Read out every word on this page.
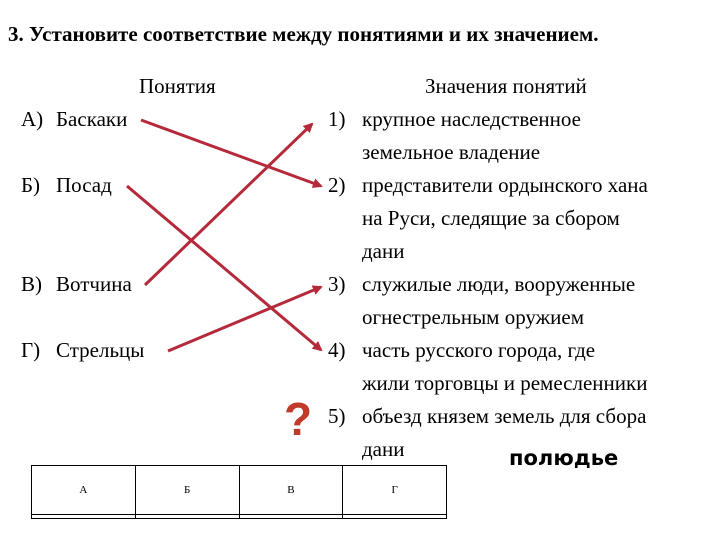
3. Установите соответствие между понятиями и их значением.
Понятия	Значения понятий
А) Баскаки
Б) Посад
В) Вотчина
Г) Стрельцы
1) крупное наследственное
земельное владение
2) представители ордынского хана
на Руси, следящие за сбором
дани
3) служилые люди, вооруженные
огнестрельным оружием
4) часть русского города, где
жили торговцы и ремесленники
5) объезд князем земель для сбора
дани
?
полюдье
А	Б	В	Г
